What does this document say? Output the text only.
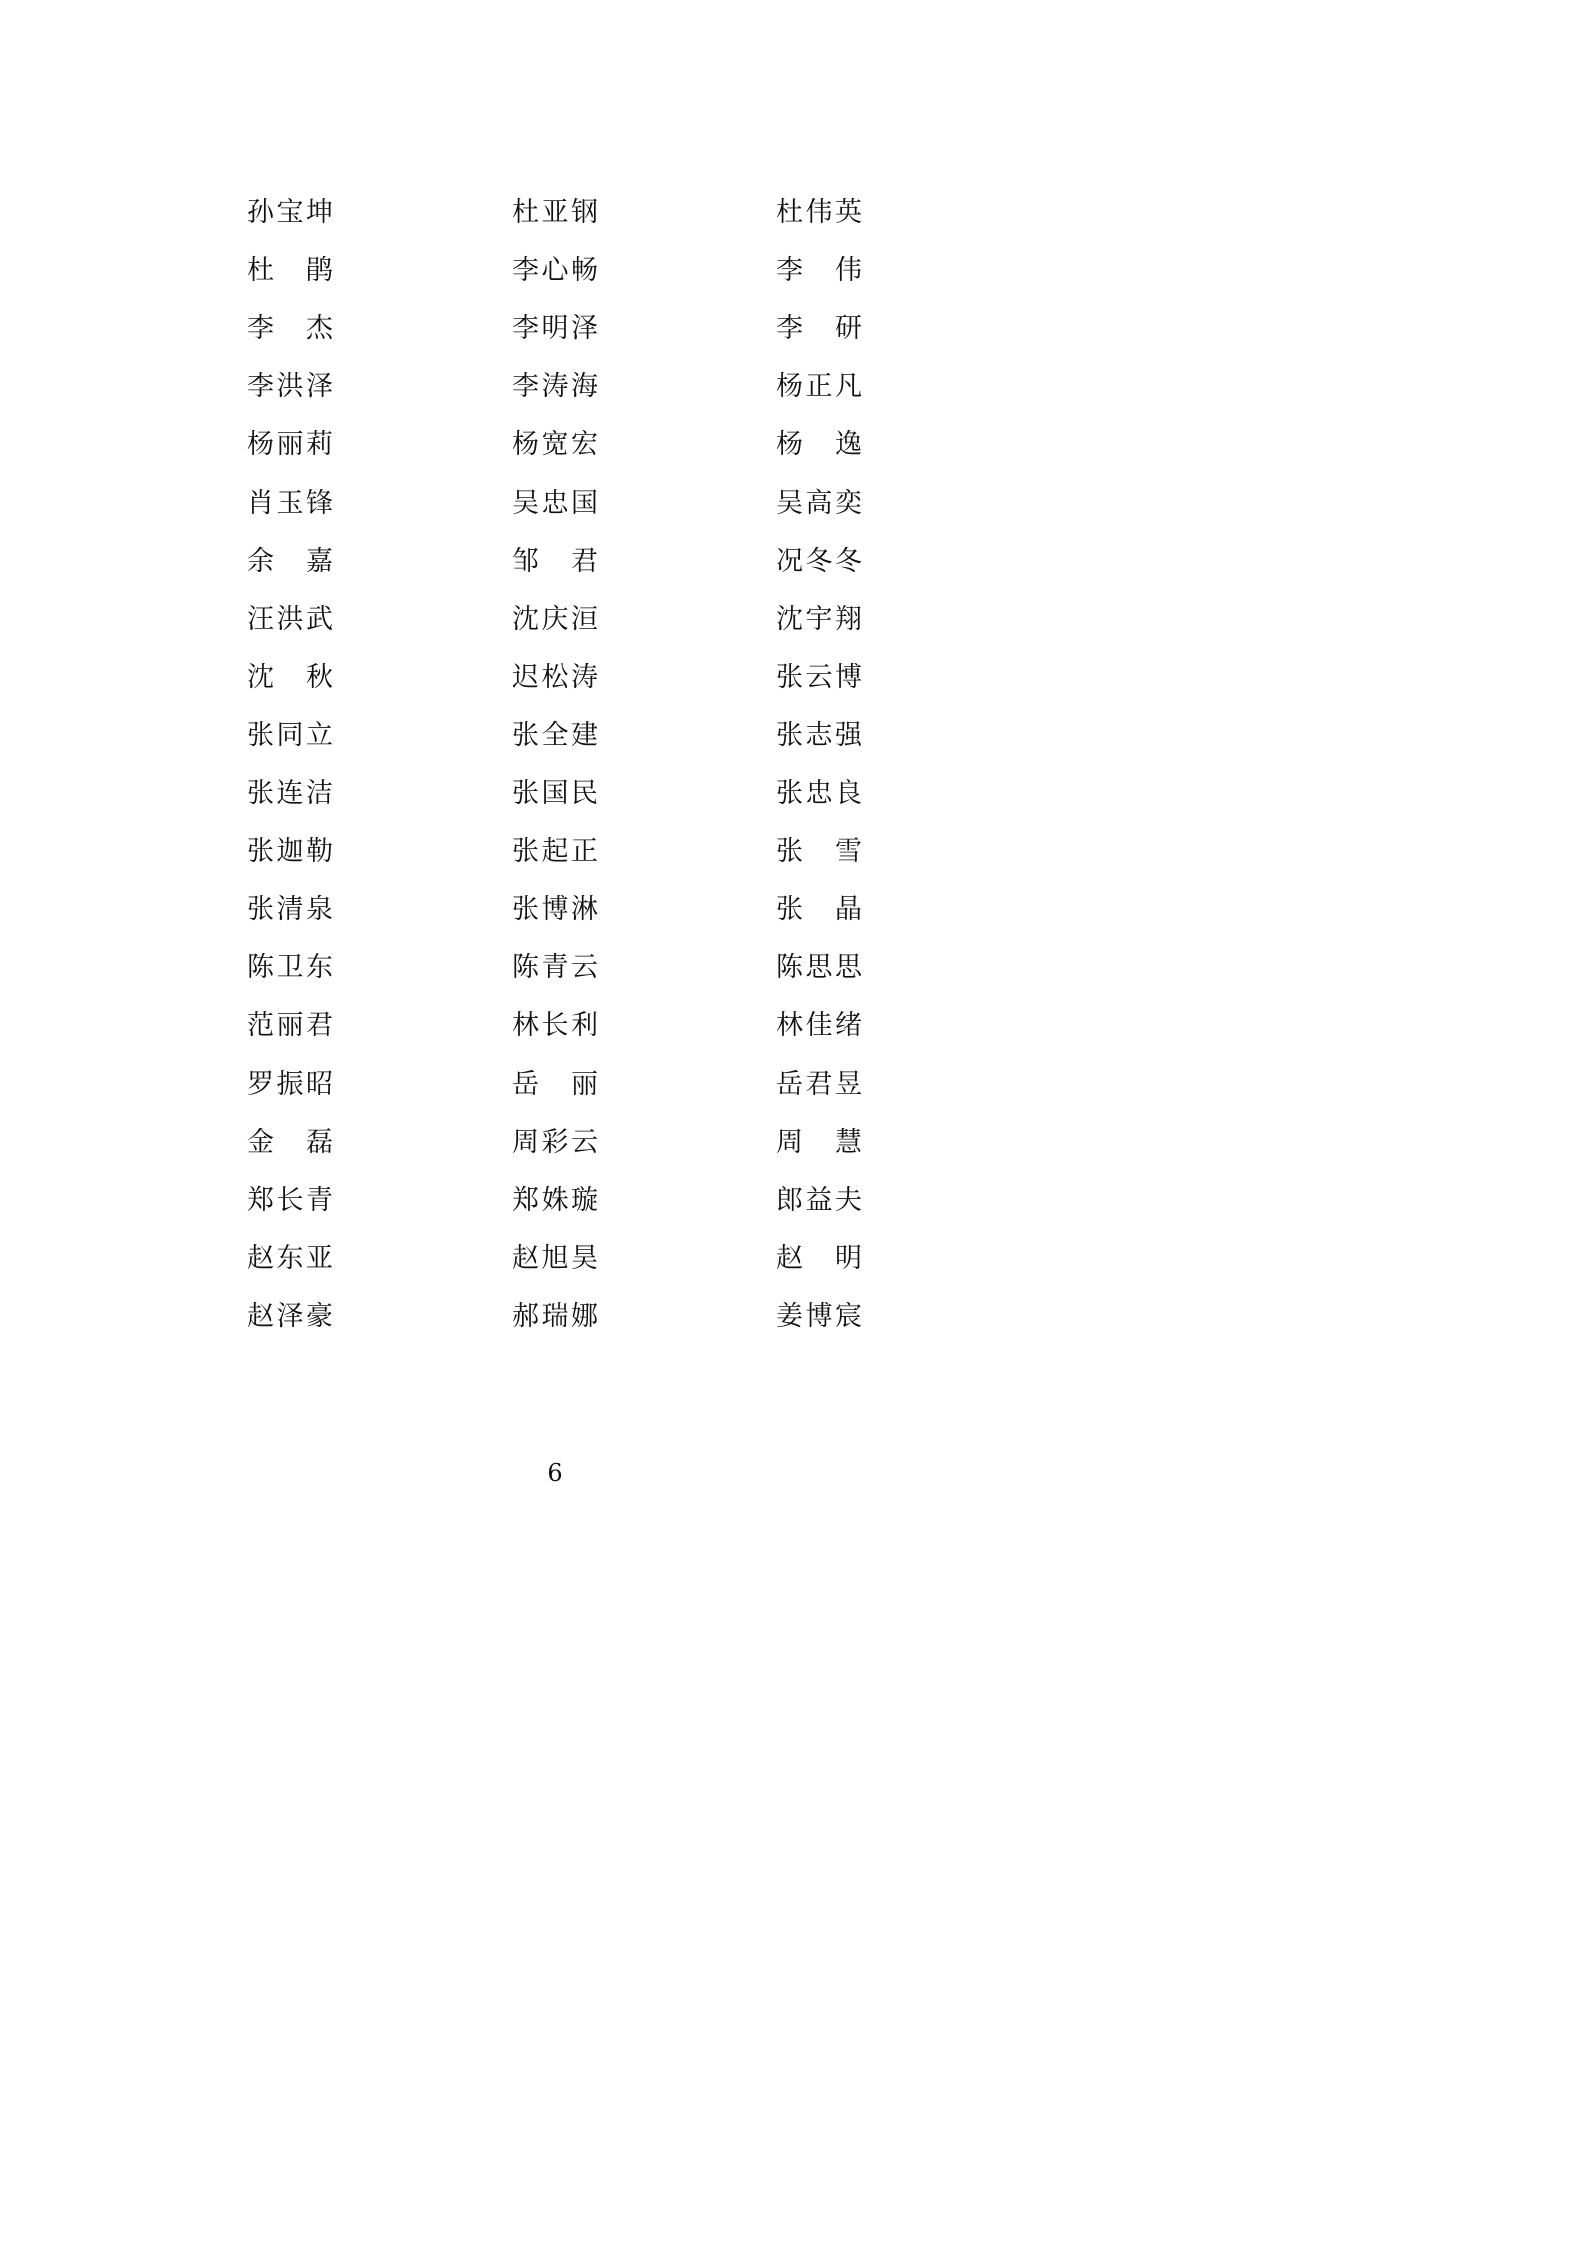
孙 宝 坤	杜 亚 钢	杜 伟 英
杜 鹃	李 心 畅	李 伟
李 杰	李 明 泽	李 研
李 洪 泽	李 涛 海	杨 正 凡
杨 丽 莉	杨 宽 宏	杨 逸
肖 玉 锋	吴 忠 国	吴 高 奕
余 嘉	邹 君	况 冬 冬
汪 洪 武	沈 庆 洹	沈 宇 翔
沈 秋	迟 松 涛	张 云 博
张 同 立	张 全 建	张 志 强
张 连 洁	张 国 民	张 忠 良
张 迦 勒	张 起 正	张 雪
张 清 泉	张 博 淋	张 晶
陈 卫 东	陈 青 云	陈 思 思
范 丽 君	林 长 利	林 佳 绪
罗 振 昭	岳 丽	岳 君 昱
金 磊	周 彩 云	周 慧
郑 长 青	郑 姝 璇	郎 益 夫
赵 东 亚	赵 旭 昊	赵 明
赵 泽 豪	郝 瑞 娜	姜 博 宸
6
